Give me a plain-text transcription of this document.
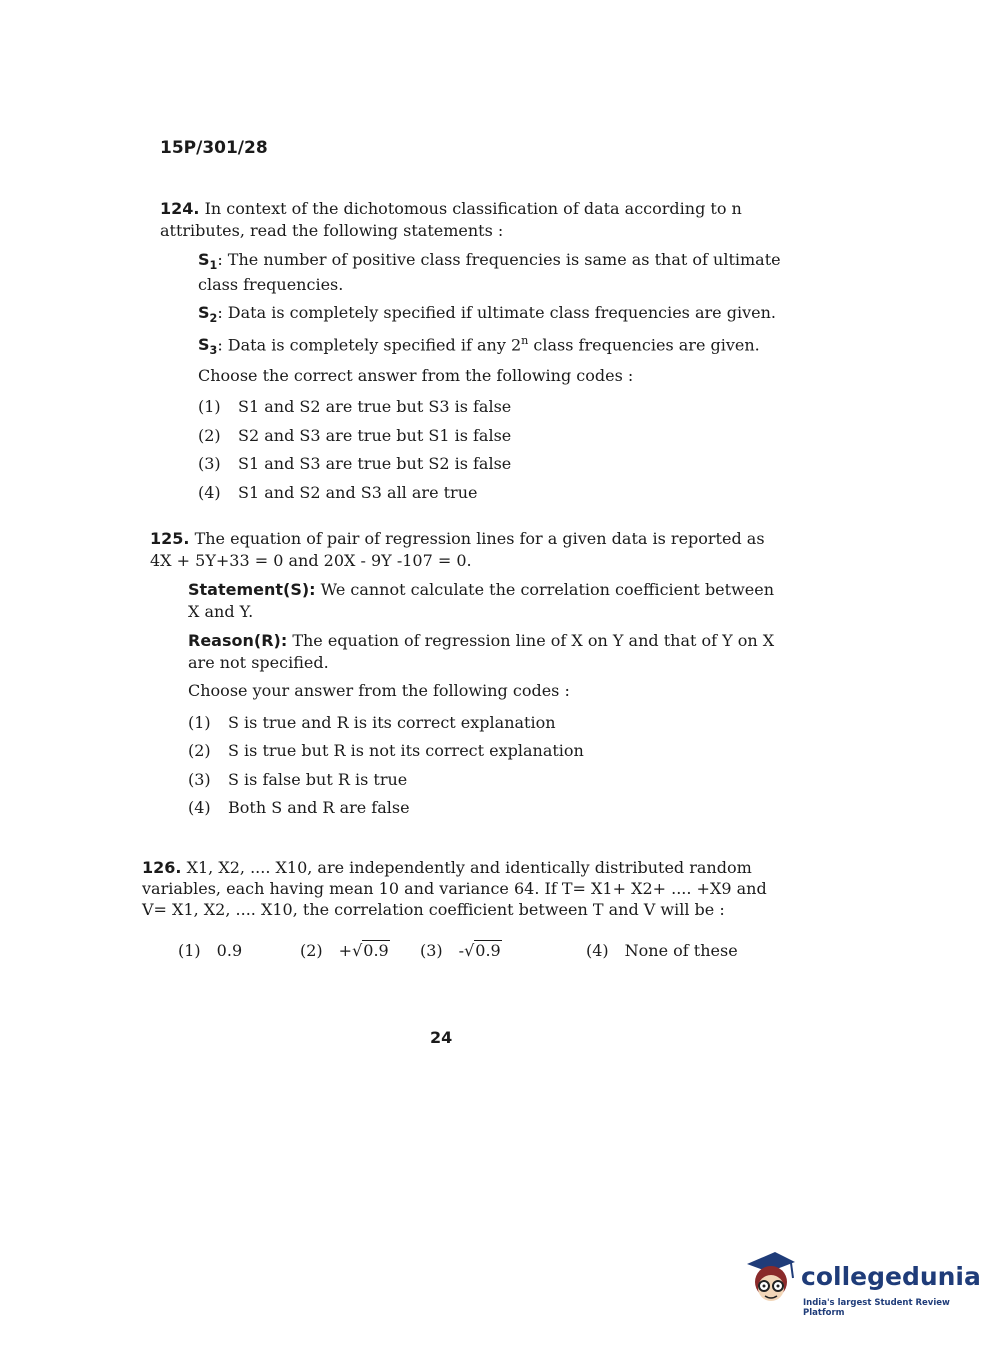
15P/301/28

124. In context of the dichotomous classification of data according to n attributes, read the following statements :

$S_1$: The number of positive class frequencies is same as that of ultimate class frequencies.
$S_2$: Data is completely specified if ultimate class frequencies are given.
$S_3$: Data is completely specified if any 2$^n$ class frequencies are given.
Choose the correct answer from the following codes :
(1) S1 and S2 are true but S3 is false
(2) S2 and S3 are true but S1 is false
(3) S1 and S3 are true but S2 is false
(4) S1 and S2 and S3 all are true

125. The equation of pair of regression lines for a given data is reported as 4X + 5Y+33 = 0 and 20X - 9Y -107 = 0.

Statement(S): We cannot calculate the correlation coefficient between X and Y.
Reason(R): The equation of regression line of X on Y and that of Y on X are not specified.
Choose your answer from the following codes :
(1) S is true and R is its correct explanation
(2) S is true but R is not its correct explanation
(3) S is false but R is true
(4) Both S and R are false

126. X1, X2, .... X10, are independently and identically distributed random variables, each having mean 10 and variance 64. If T= X1+ X2+ .... +X9 and V= X1, X2, .... X10, the correlation coefficient between T and V will be :

(1) 0.9	(2) +√0.9 (3) -√0.9	(4) None of these
24
collegedunia
India's largest Student Review Platform
